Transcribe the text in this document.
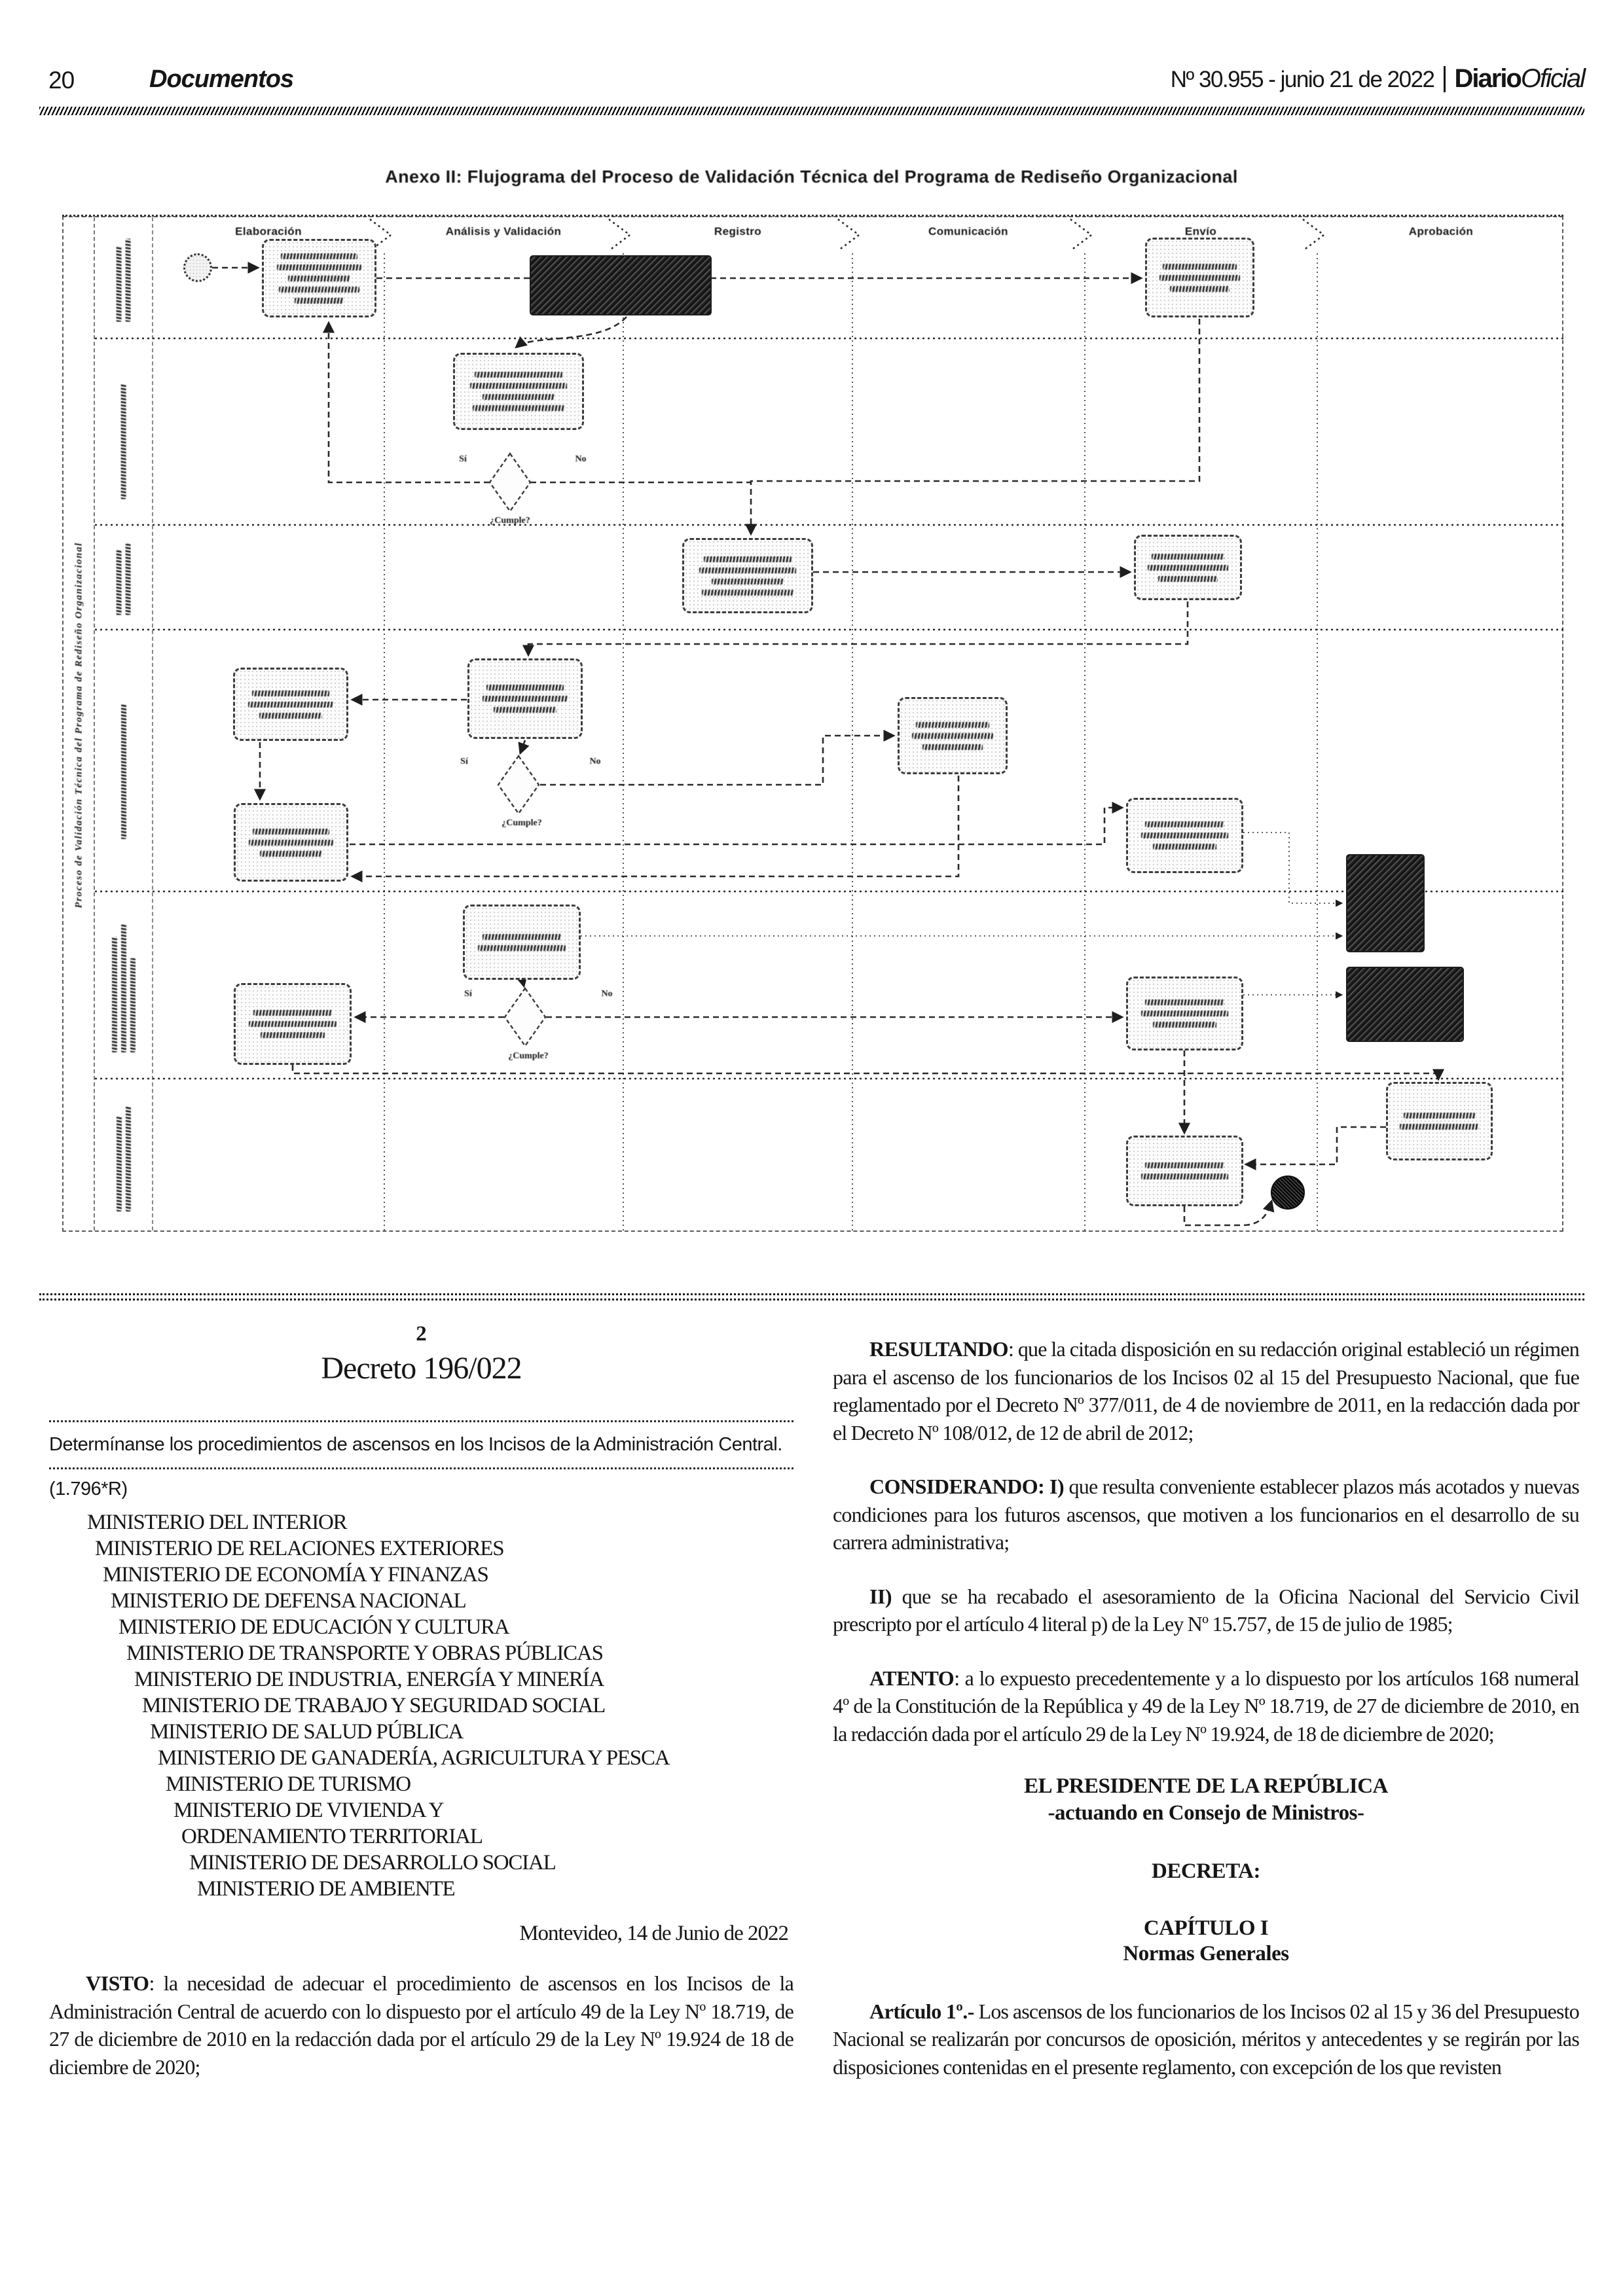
20	Documentos	Nº 30.955 - junio 21 de 2022 DiarioOficial
Anexo II: Flujograma del Proceso de Validación Técnica del Programa de Rediseño Organizacional
Proceso de Validación Técnica del Programa de Rediseño Organizacional
Elaboración	Análisis y Validación	Registro	Comunicación	Envío	Aprobación
Sí	No
¿Cumple?
Sí	No
¿Cumple?
Sí	No
¿Cumple?
2
Decreto 196/022
Determínanse los procedimientos de ascensos en los Incisos de la Administración Central.
(1.796*R)
MINISTERIO DEL INTERIOR
MINISTERIO DE RELACIONES EXTERIORES
MINISTERIO DE ECONOMÍA Y FINANZAS
MINISTERIO DE DEFENSA NACIONAL
MINISTERIO DE EDUCACIÓN Y CULTURA
MINISTERIO DE TRANSPORTE Y OBRAS PÚBLICAS
MINISTERIO DE INDUSTRIA, ENERGÍA Y MINERÍA
MINISTERIO DE TRABAJO Y SEGURIDAD SOCIAL
MINISTERIO DE SALUD PÚBLICA
MINISTERIO DE GANADERÍA, AGRICULTURA Y PESCA
MINISTERIO DE TURISMO
MINISTERIO DE VIVIENDA Y
ORDENAMIENTO TERRITORIAL
MINISTERIO DE DESARROLLO SOCIAL
MINISTERIO DE AMBIENTE
Montevideo, 14 de Junio de 2022

VISTO: la necesidad de adecuar el procedimiento de ascensos en los Incisos de la Administración Central de acuerdo con lo dispuesto por el artículo 49 de la Ley Nº 18.719, de 27 de diciembre de 2010 en la redacción dada por el artículo 29 de la Ley Nº 19.924 de 18 de diciembre de 2020;

RESULTANDO: que la citada disposición en su redacción original estableció un régimen para el ascenso de los funcionarios de los Incisos 02 al 15 del Presupuesto Nacional, que fue reglamentado por el Decreto Nº 377/011, de 4 de noviembre de 2011, en la redacción dada por el Decreto Nº 108/012, de 12 de abril de 2012;

CONSIDERANDO: I) que resulta conveniente establecer plazos más acotados y nuevas condiciones para los futuros ascensos, que motiven a los funcionarios en el desarrollo de su carrera administrativa;

II) que se ha recabado el asesoramiento de la Oficina Nacional del Servicio Civil prescripto por el artículo 4 literal p) de la Ley Nº 15.757, de 15 de julio de 1985;

ATENTO: a lo expuesto precedentemente y a lo dispuesto por los artículos 168 numeral 4º de la Constitución de la República y 49 de la Ley Nº 18.719, de 27 de diciembre de 2010, en la redacción dada por el artículo 29 de la Ley Nº 19.924, de 18 de diciembre de 2020;

EL PRESIDENTE DE LA REPÚBLICA
-actuando en Consejo de Ministros-
DECRETA:
CAPÍTULO I
Normas Generales

Artículo 1º.- Los ascensos de los funcionarios de los Incisos 02 al 15 y 36 del Presupuesto Nacional se realizarán por concursos de oposición, méritos y antecedentes y se regirán por las disposiciones contenidas en el presente reglamento, con excepción de los que revisten
